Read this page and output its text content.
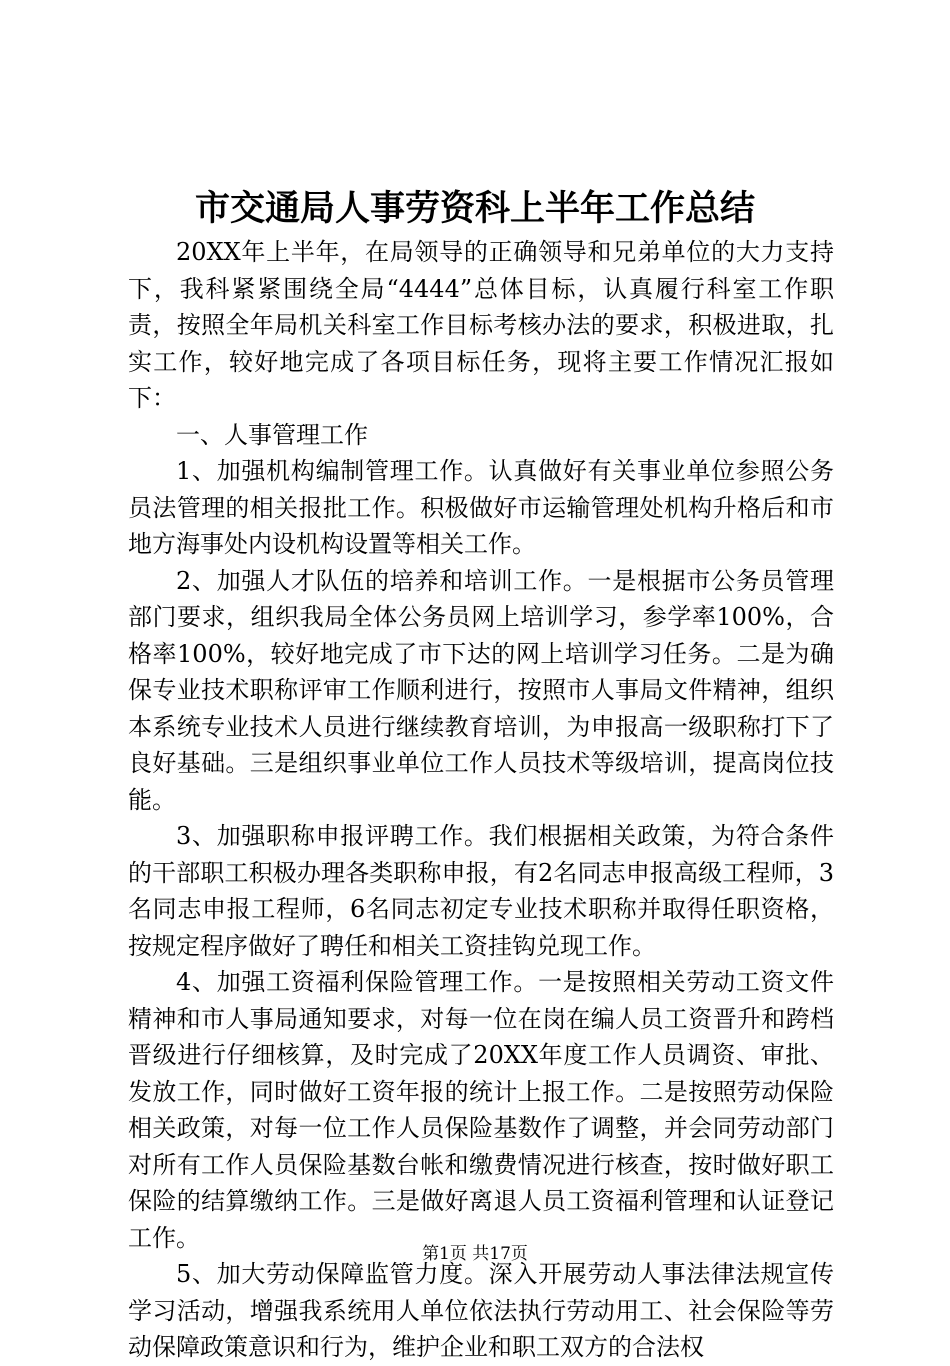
市交通局人事劳资科上半年工作总结

20XX年上半年，在局领导的正确领导和兄弟单位的大力支持下，我科紧紧围绕全局“4444”总体目标，认真履行科室工作职责，按照全年局机关科室工作目标考核办法的要求，积极进取，扎实工作，较好地完成了各项目标任务，现将主要工作情况汇报如下：

一、人事管理工作

1、加强机构编制管理工作。认真做好有关事业单位参照公务员法管理的相关报批工作。积极做好市运输管理处机构升格后和市地方海事处内设机构设置等相关工作。

2、加强人才队伍的培养和培训工作。一是根据市公务员管理部门要求，组织我局全体公务员网上培训学习，参学率100%，合格率100%，较好地完成了市下达的网上培训学习任务。二是为确保专业技术职称评审工作顺利进行，按照市人事局文件精神，组织本系统专业技术人员进行继续教育培训，为申报高一级职称打下了良好基础。三是组织事业单位工作人员技术等级培训，提高岗位技能。

3、加强职称申报评聘工作。我们根据相关政策，为符合条件的干部职工积极办理各类职称申报，有2名同志申报高级工程师，3名同志申报工程师，6名同志初定专业技术职称并取得任职资格，按规定程序做好了聘任和相关工资挂钩兑现工作。

4、加强工资福利保险管理工作。一是按照相关劳动工资文件精神和市人事局通知要求，对每一位在岗在编人员工资晋升和跨档晋级进行仔细核算，及时完成了20XX年度工作人员调资、审批、发放工作，同时做好工资年报的统计上报工作。二是按照劳动保险相关政策，对每一位工作人员保险基数作了调整，并会同劳动部门对所有工作人员保险基数台帐和缴费情况进行核查，按时做好职工保险的结算缴纳工作。三是做好离退人员工资福利管理和认证登记工作。

5、加大劳动保障监管力度。深入开展劳动人事法律法规宣传学习活动，增强我系统用人单位依法执行劳动用工、社会保险等劳动保障政策意识和行为，维护企业和职工双方的合法权

第1页 共17页
